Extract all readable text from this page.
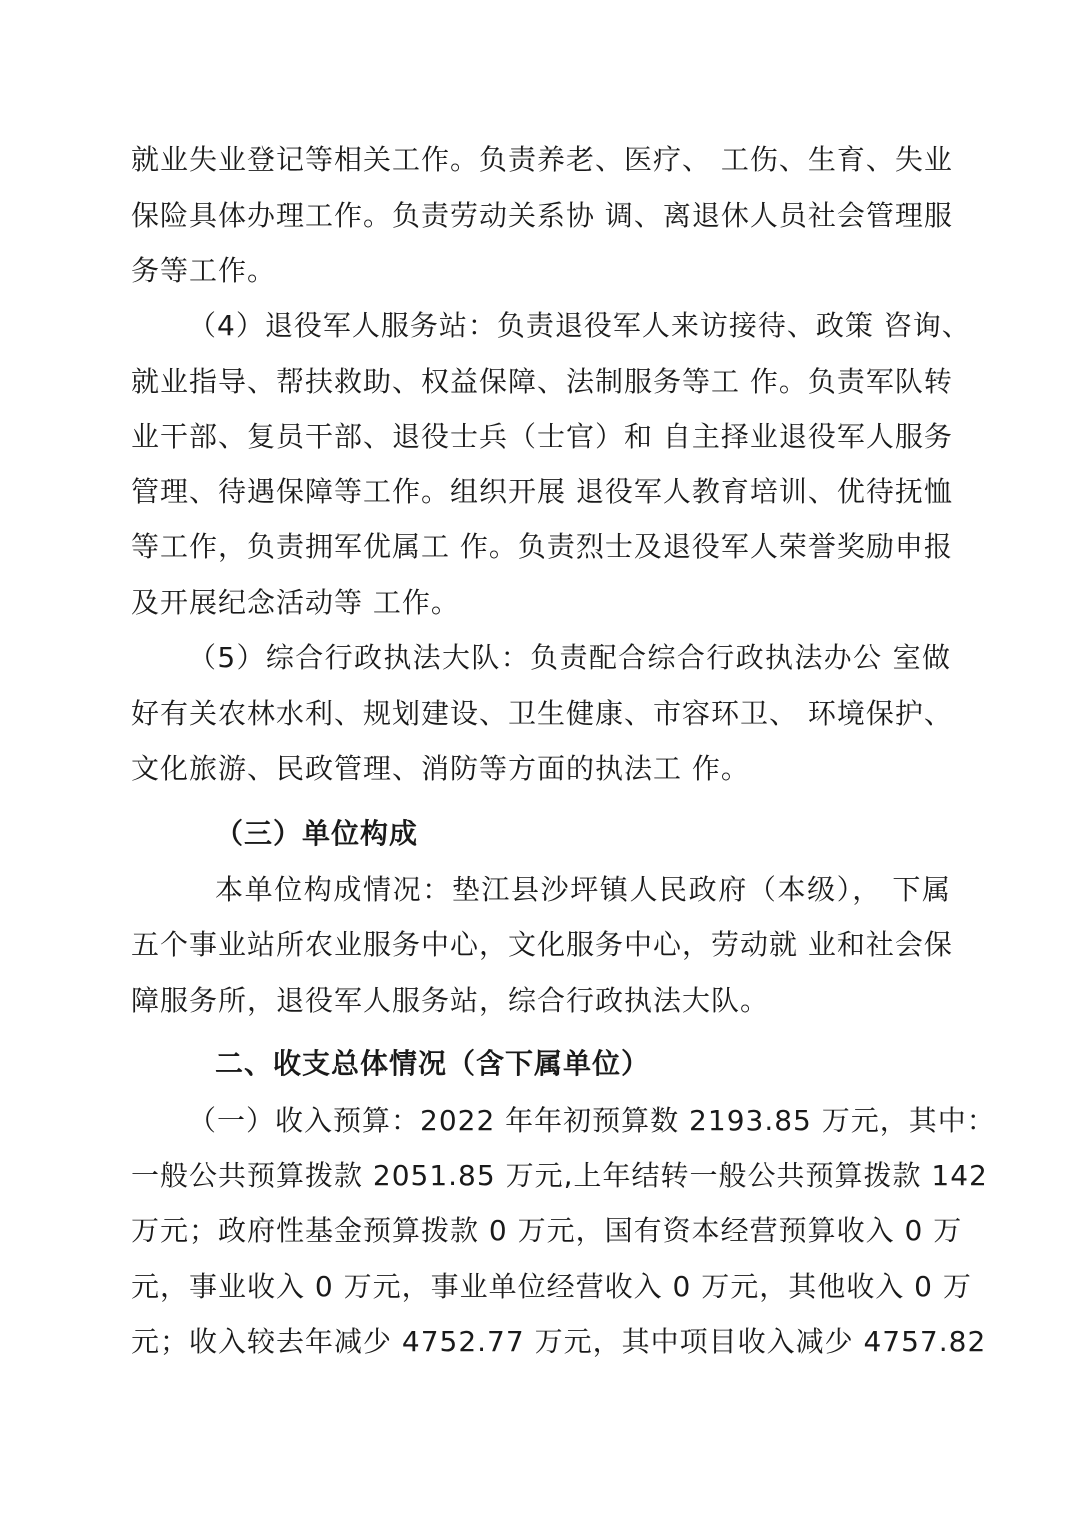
就业失业登记等相关工作。负责养老、医疗、 工伤、生育、失业
保险具体办理工作。负责劳动关系协 调、离退休人员社会管理服
务等工作。
（4）退役军人服务站：负责退役军人来访接待、政策 咨询、
就业指导、帮扶救助、权益保障、法制服务等工 作。负责军队转
业干部、复员干部、退役士兵（士官）和 自主择业退役军人服务
管理、待遇保障等工作。组织开展 退役军人教育培训、优待抚恤
等工作，负责拥军优属工 作。负责烈士及退役军人荣誉奖励申报
及开展纪念活动等 工作。
（5）综合行政执法大队：负责配合综合行政执法办公 室做
好有关农林水利、规划建设、卫生健康、市容环卫、 环境保护、
文化旅游、民政管理、消防等方面的执法工 作。
（三）单位构成
本单位构成情况：垫江县沙坪镇人民政府（本级）， 下属
五个事业站所农业服务中心，文化服务中心，劳动就 业和社会保
障服务所，退役军人服务站，综合行政执法大队。
二、收支总体情况（含下属单位）
（一）收入预算：2022 年年初预算数 2193.85 万元，其中：
一般公共预算拨款 2051.85 万元,上年结转一般公共预算拨款 142
万元；政府性基金预算拨款 0 万元，国有资本经营预算收入 0 万
元，事业收入 0 万元，事业单位经营收入 0 万元，其他收入 0 万
元；收入较去年减少 4752.77 万元，其中项目收入减少 4757.82
